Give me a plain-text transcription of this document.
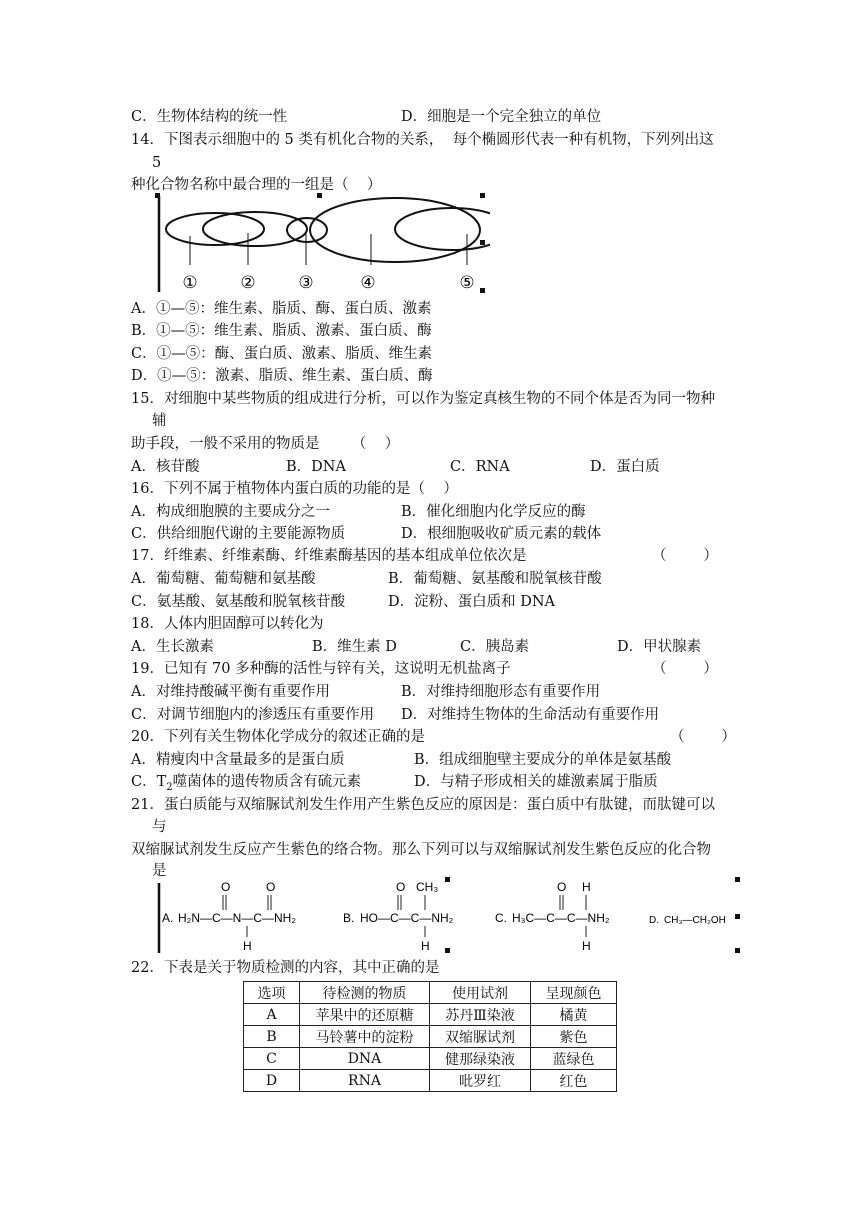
C．生物体结构的统一性	D．细胞是一个完全独立的单位
14．下图表示细胞中的 5 类有机化合物的关系，  每个椭圆形代表一种有机物，下列列出这
5
种化合物名称中最合理的一组是（    ）
①	②	③	④	⑤
A．①—⑤：维生素、脂质、酶、蛋白质、激素
B．①—⑤：维生素、脂质、激素、蛋白质、酶
C．①—⑤：酶、蛋白质、激素、脂质、维生素
D．①—⑤：激素、脂质、维生素、蛋白质、酶
15．对细胞中某些物质的组成进行分析，可以作为鉴定真核生物的不同个体是否为同一物种
辅
助手段，一般不采用的物质是       （    ）
A．核苷酸	B．DNA	C．RNA	D．蛋白质
16．下列不属于植物体内蛋白质的功能的是（    ）
A．构成细胞膜的主要成分之一	B．催化细胞内化学反应的酶
C．供给细胞代谢的主要能源物质	D．根细胞吸收矿质元素的载体
17．纤维素、纤维素酶、纤维素酶基因的基本组成单位依次是	（        ）
A．葡萄糖、葡萄糖和氨基酸	B．葡萄糖、氨基酸和脱氧核苷酸
C．氨基酸、氨基酸和脱氧核苷酸	D．淀粉、蛋白质和 DNA
18．人体内胆固醇可以转化为
A．生长激素	B．维生素 D	C．胰岛素	D．甲状腺素
19．已知有 70 多种酶的活性与锌有关，这说明无机盐离子	（        ）
A．对维持酸碱平衡有重要作用	B．对维持细胞形态有重要作用
C．对调节细胞内的渗透压有重要作用 D．对维持生物体的生命活动有重要作用
20．下列有关生物体化学成分的叙述正确的是	（        ）
A．精瘦肉中含量最多的是蛋白质	B．组成细胞壁主要成分的单体是氨基酸
C．$T_2$噬菌体的遗传物质含有硫元素	D．与精子形成相关的雄激素属于脂质
21．蛋白质能与双缩脲试剂发生作用产生紫色反应的原因是：蛋白质中有肽键，而肽键可以
与
双缩脲试剂发生反应产生紫色的络合物。那么下列可以与双缩脲试剂发生紫色反应的化合物
是
A. H₂N—C—N—C—NH₂
O	O
H
B. HO—C—C—NH₂
O CH₃
H
C. H₃C—C—C—NH₂
O H
H
D. CH₃—CH₂OH
22．下表是关于物质检测的内容，其中正确的是
选项	待检测的物质	使用试剂	呈现颜色
A	苹果中的还原糖	苏丹Ⅲ染液	橘黄
B	马铃薯中的淀粉	双缩脲试剂	紫色
C	DNA	健那绿染液	蓝绿色
D	RNA	吡罗红	红色
